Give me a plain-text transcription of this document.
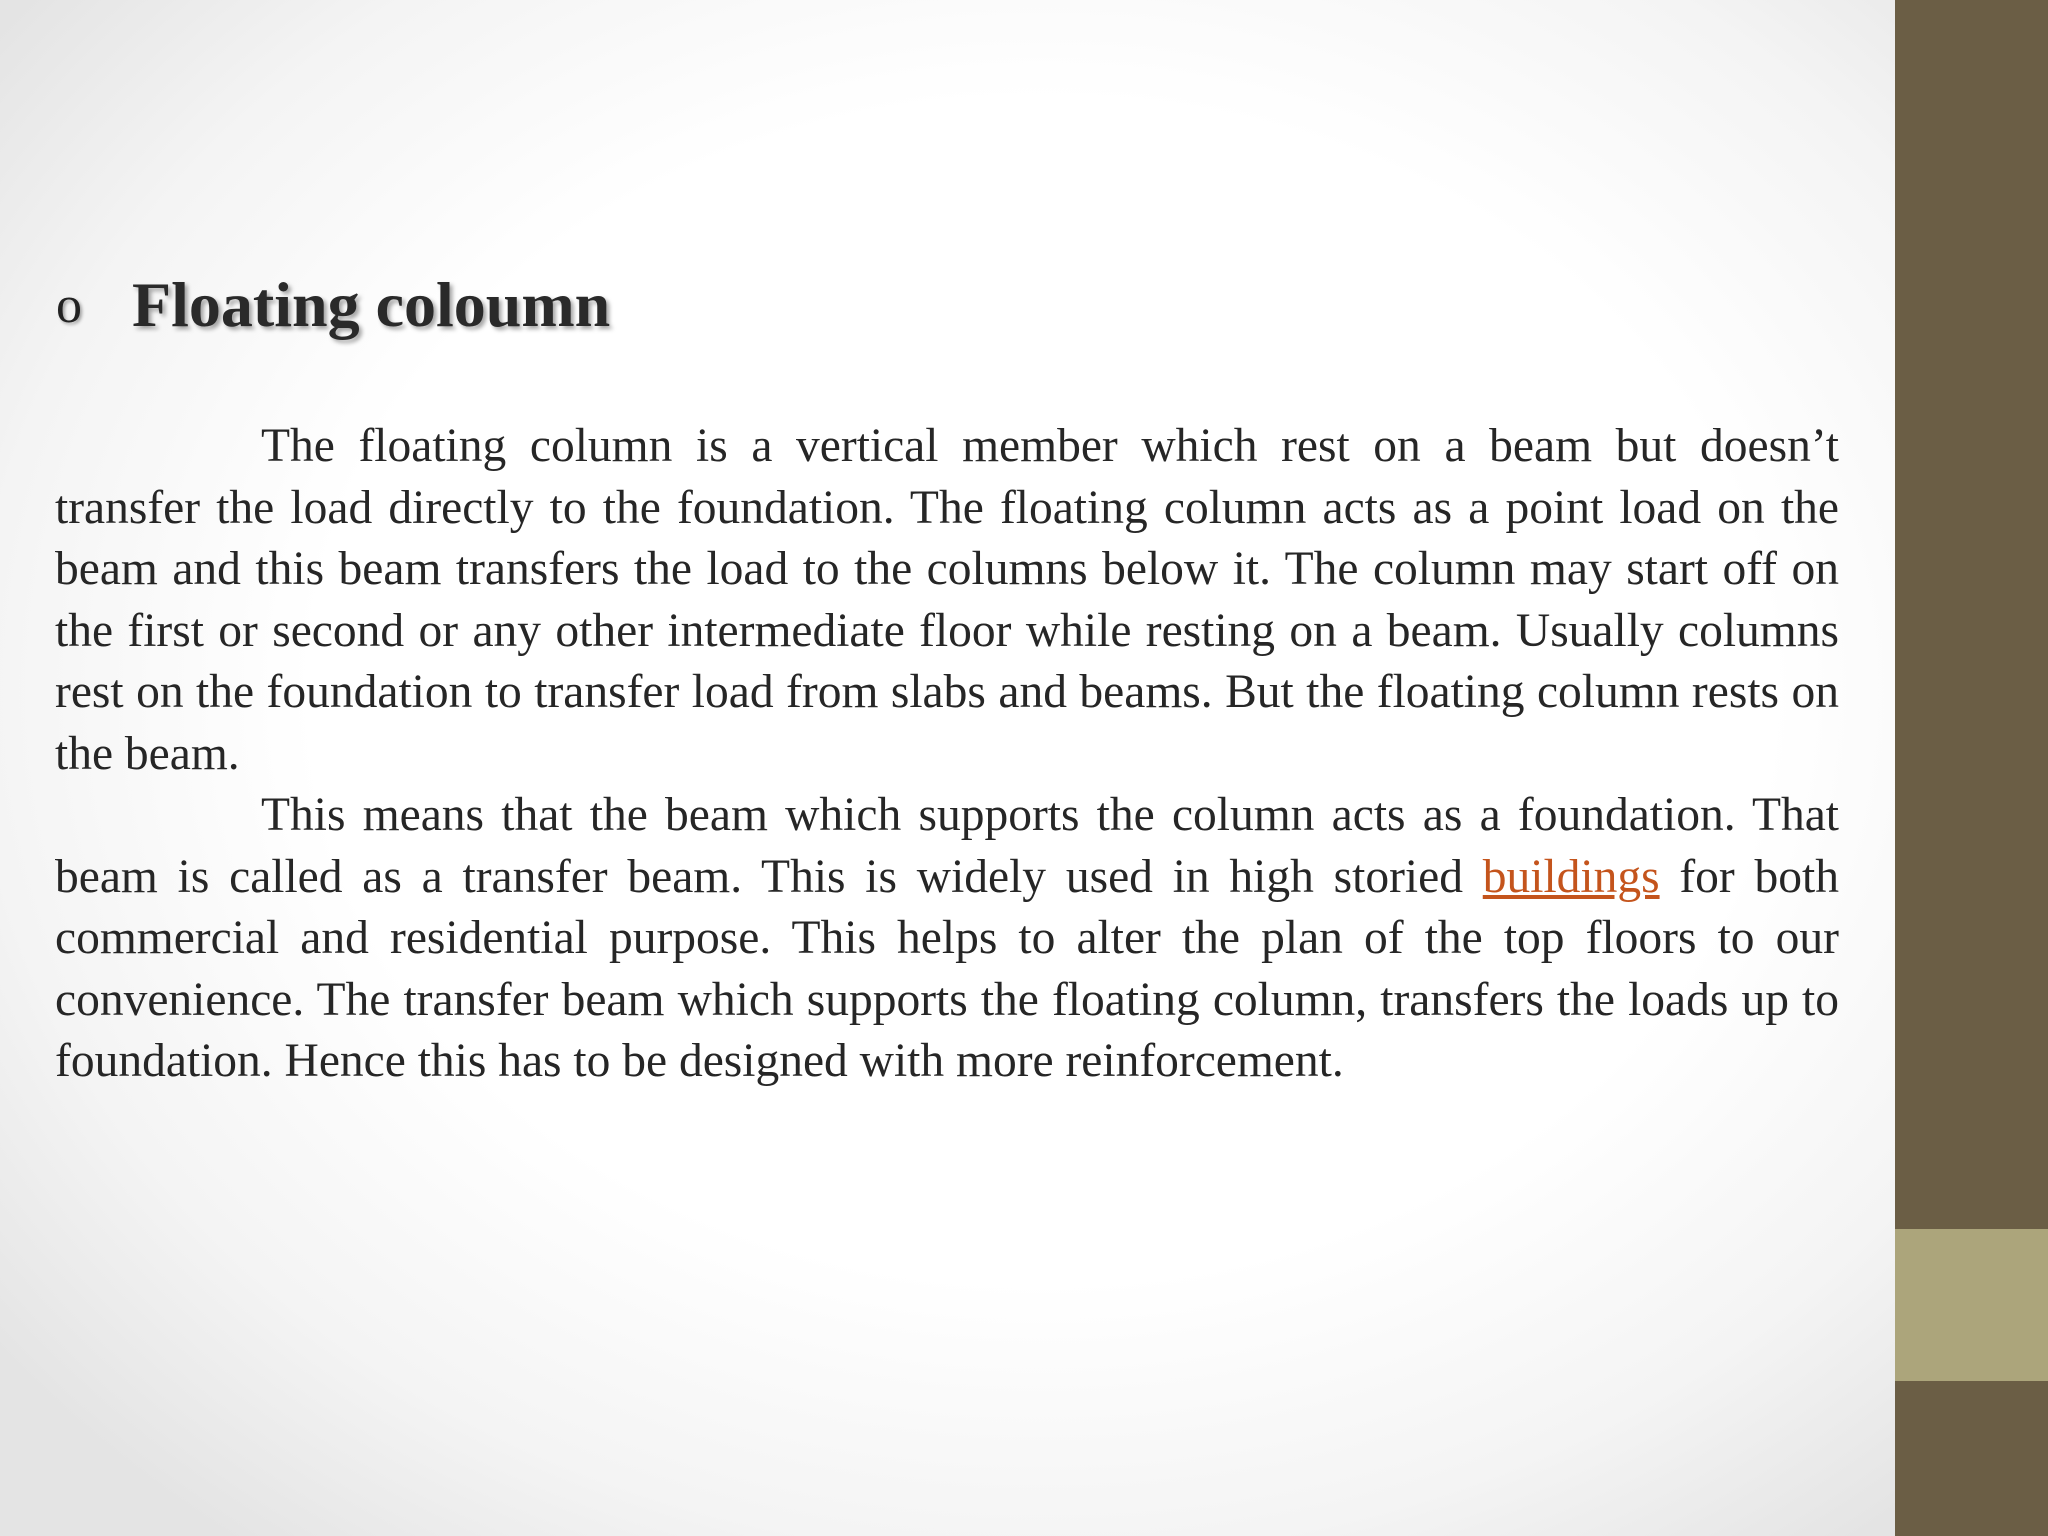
o Floating coloumn

The floating column is a vertical member which rest on a beam but doesn’t transfer the load directly to the foundation. The floating column acts as a point load on the beam and this beam transfers the load to the columns below it. The column may start off on the first or second or any other intermediate floor while resting on a beam. Usually columns rest on the foundation to transfer load from slabs and beams. But the floating column rests on the beam.

This means that the beam which supports the column acts as a foundation. That beam is called as a transfer beam. This is widely used in high storied buildings for both commercial and residential purpose. This helps to alter the plan of the top floors to our convenience. The transfer beam which supports the floating column, transfers the loads up to foundation. Hence this has to be designed with more reinforcement.
